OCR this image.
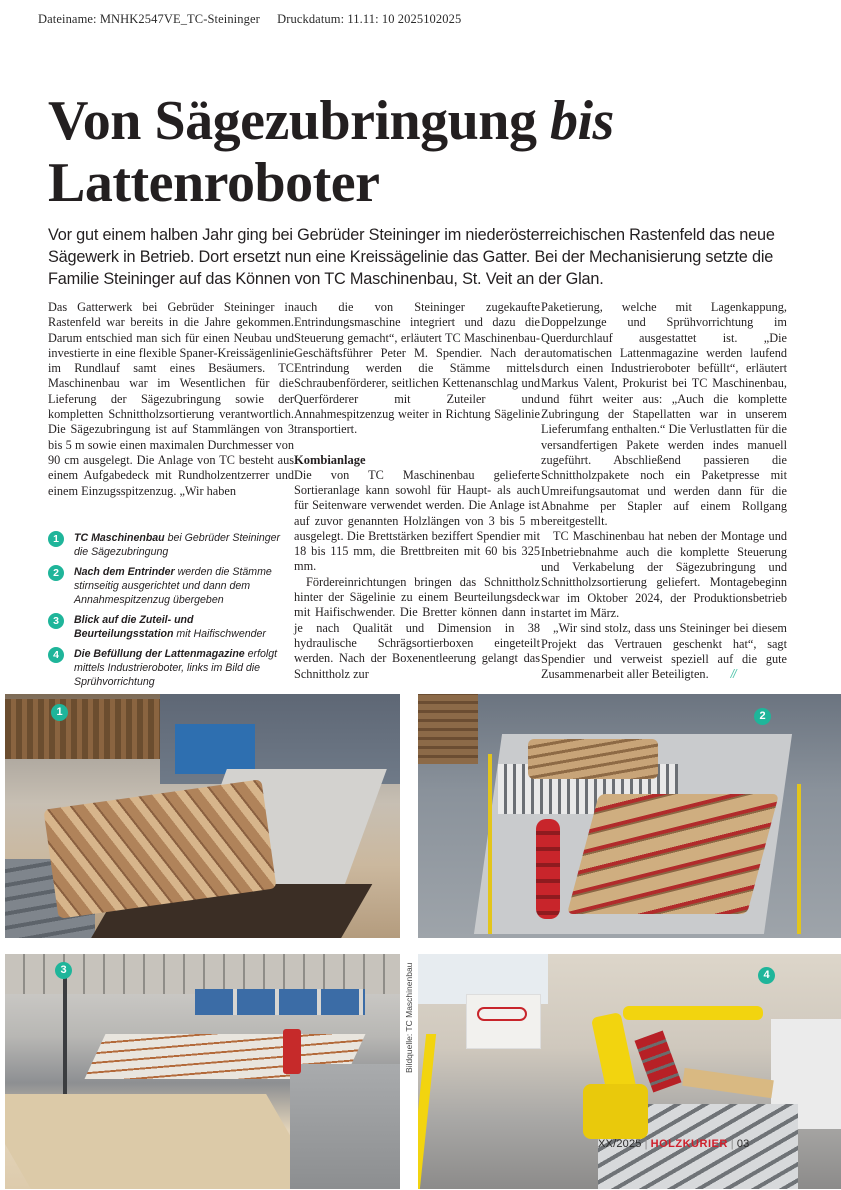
Dateiname: MNHK2547VE_TC-Steininger Druckdatum: 11.11: 10 2025102025
Von Sägezubringung bis
Lattenroboter

Vor gut einem halben Jahr ging bei Gebrüder Steininger im niederösterreichischen Rastenfeld das neue Sägewerk in Betrieb. Dort ersetzt nun eine Kreissägelinie das Gatter. Bei der Mechanisierung setzte die Familie Steininger auf das Können von TC Maschinenbau, St. Veit an der Glan.

Das Gatterwerk bei Gebrüder Steininger in Rastenfeld war bereits in die Jahre gekommen. Darum entschied man sich für einen Neubau und investierte in eine flexible Spaner-Kreissägenlinie im Rundlauf samt eines Besäumers. TC Maschinenbau war im Wesentlichen für die Lieferung der Sägezubringung sowie der kompletten Schnittholzsortierung verantwortlich. Die Sägezubringung ist auf Stammlängen von 3 bis 5 m sowie einen maximalen Durchmesser von 90 cm ausgelegt. Die Anlage von TC besteht aus einem Aufgabedeck mit Rundholzentzerrer und einem Einzugsspitzenzug. „Wir haben

1	TC Maschinenbau bei Gebrüder Steininger die Sägezubringung
2	Nach dem Entrinder werden die Stämme stirnseitig ausgerichtet und dann dem Annahmespitzenzug übergeben
3	Blick auf die Zuteil- und Beurteilungsstation mit Haifischwender
4	Die Befüllung der Lattenmagazine erfolgt mittels Industrieroboter, links im Bild die Sprühvorrichtung

auch die von Steininger zugekaufte Entrindungsmaschine integriert und dazu die Steuerung gemacht“, erläutert TC Maschinenbau-Geschäftsführer Peter M. Spendier. Nach der Entrindung werden die Stämme mittels Schraubenförderer, seitlichen Kettenanschlag und Querförderer mit Zuteiler und Annahmespitzenzug weiter in Richtung Sägelinie transportiert.

Kombianlage

Die von TC Maschinenbau gelieferte Sortieranlage kann sowohl für Haupt- als auch für Seitenware verwendet werden. Die Anlage ist auf zuvor genannten Holzlängen von 3 bis 5 m ausgelegt. Die Brettstärken beziffert Spendier mit 18 bis 115 mm, die Brettbreiten mit 60 bis 325 mm.

Fördereinrichtungen bringen das Schnittholz hinter der Sägelinie zu einem Beurteilungsdeck mit Haifischwender. Die Bretter können dann in je nach Qualität und Dimension in 38 hydraulische Schrägsortierboxen eingeteilt werden. Nach der Boxenentleerung gelangt das Schnittholz zur

Paketierung, welche mit Lagenkappung, Doppelzunge und Sprühvorrichtung im Querdurchlauf ausgestattet ist. „Die automatischen Lattenmagazine werden laufend durch einen Industrieroboter befüllt“, erläutert Markus Valent, Prokurist bei TC Maschinenbau, und führt weiter aus: „Auch die komplette Zubringung der Stapellatten war in unserem Lieferumfang enthalten.“ Die Verlustlatten für die versandfertigen Pakete werden indes manuell zugeführt. Abschließend passieren die Schnittholzpakete noch ein Paketpresse mit Umreifungsautomat und werden dann für die Abnahme per Stapler auf einem Rollgang bereitgestellt.

TC Maschinenbau hat neben der Montage und Inbetriebnahme auch die komplette Steuerung und Verkabelung der Sägezubringung und Schnittholzsortierung geliefert. Montagebeginn war im Oktober 2024, der Produktionsbetrieb startet im März.

„Wir sind stolz, dass uns Steininger bei diesem Projekt das Vertrauen geschenkt hat“, sagt Spendier und verweist speziell auf die gute Zusammenarbeit aller Beteiligten. //

1	2
3	Bildquelle: TC Maschinenbau	4
XX/2025 | HOLZKURIER | 03
